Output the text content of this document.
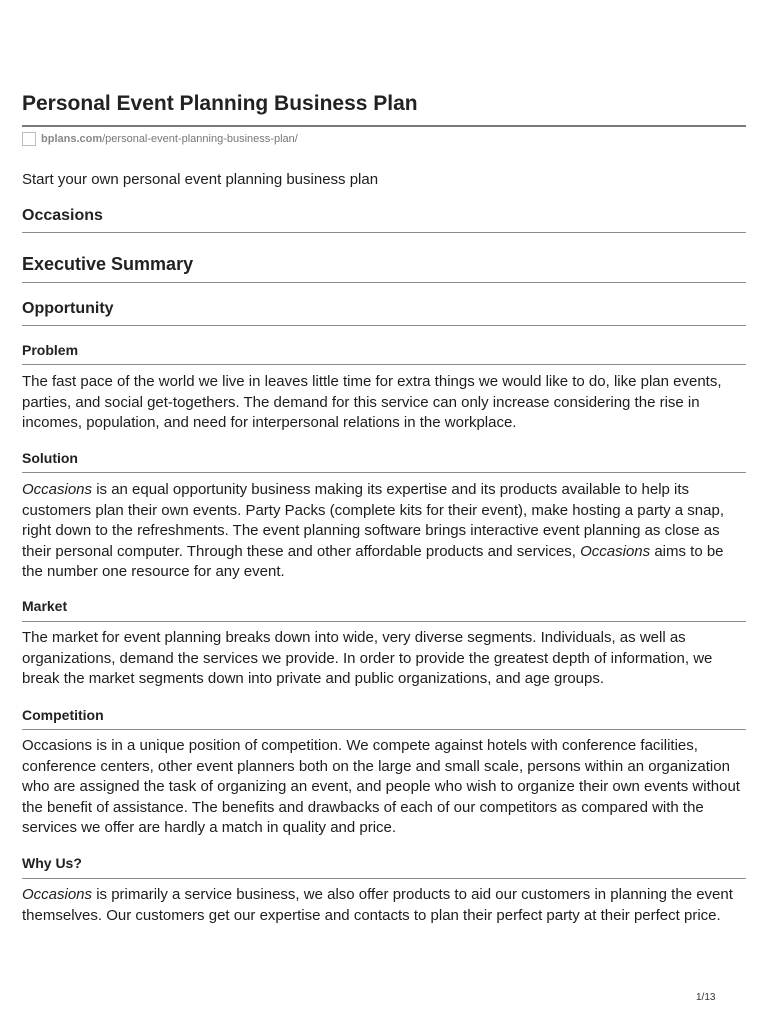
Personal Event Planning Business Plan
bplans.com /personal-event-planning-business-plan/
Start your own personal event planning business plan
Occasions
Executive Summary
Opportunity
Problem

The fast pace of the world we live in leaves little time for extra things we would like to do, like plan events, parties, and social get-togethers. The demand for this service can only increase considering the rise in incomes, population, and need for interpersonal relations in the workplace.

Solution

Occasions is an equal opportunity business making its expertise and its products available to help its customers plan their own events. Party Packs (complete kits for their event), make hosting a party a snap, right down to the refreshments. The event planning software brings interactive event planning as close as their personal computer. Through these and other affordable products and services, Occasions aims to be the number one resource for any event.

Market

The market for event planning breaks down into wide, very diverse segments. Individuals, as well as organizations, demand the services we provide. In order to provide the greatest depth of information, we break the market segments down into private and public organizations, and age groups.

Competition

Occasions is in a unique position of competition. We compete against hotels with conference facilities, conference centers, other event planners both on the large and small scale, persons within an organization who are assigned the task of organizing an event, and people who wish to organize their own events without the benefit of assistance. The benefits and drawbacks of each of our competitors as compared with the services we offer are hardly a match in quality and price.

Why Us?

Occasions is primarily a service business, we also offer products to aid our customers in planning the event themselves. Our customers get our expertise and contacts to plan their perfect party at their perfect price.

1/13
